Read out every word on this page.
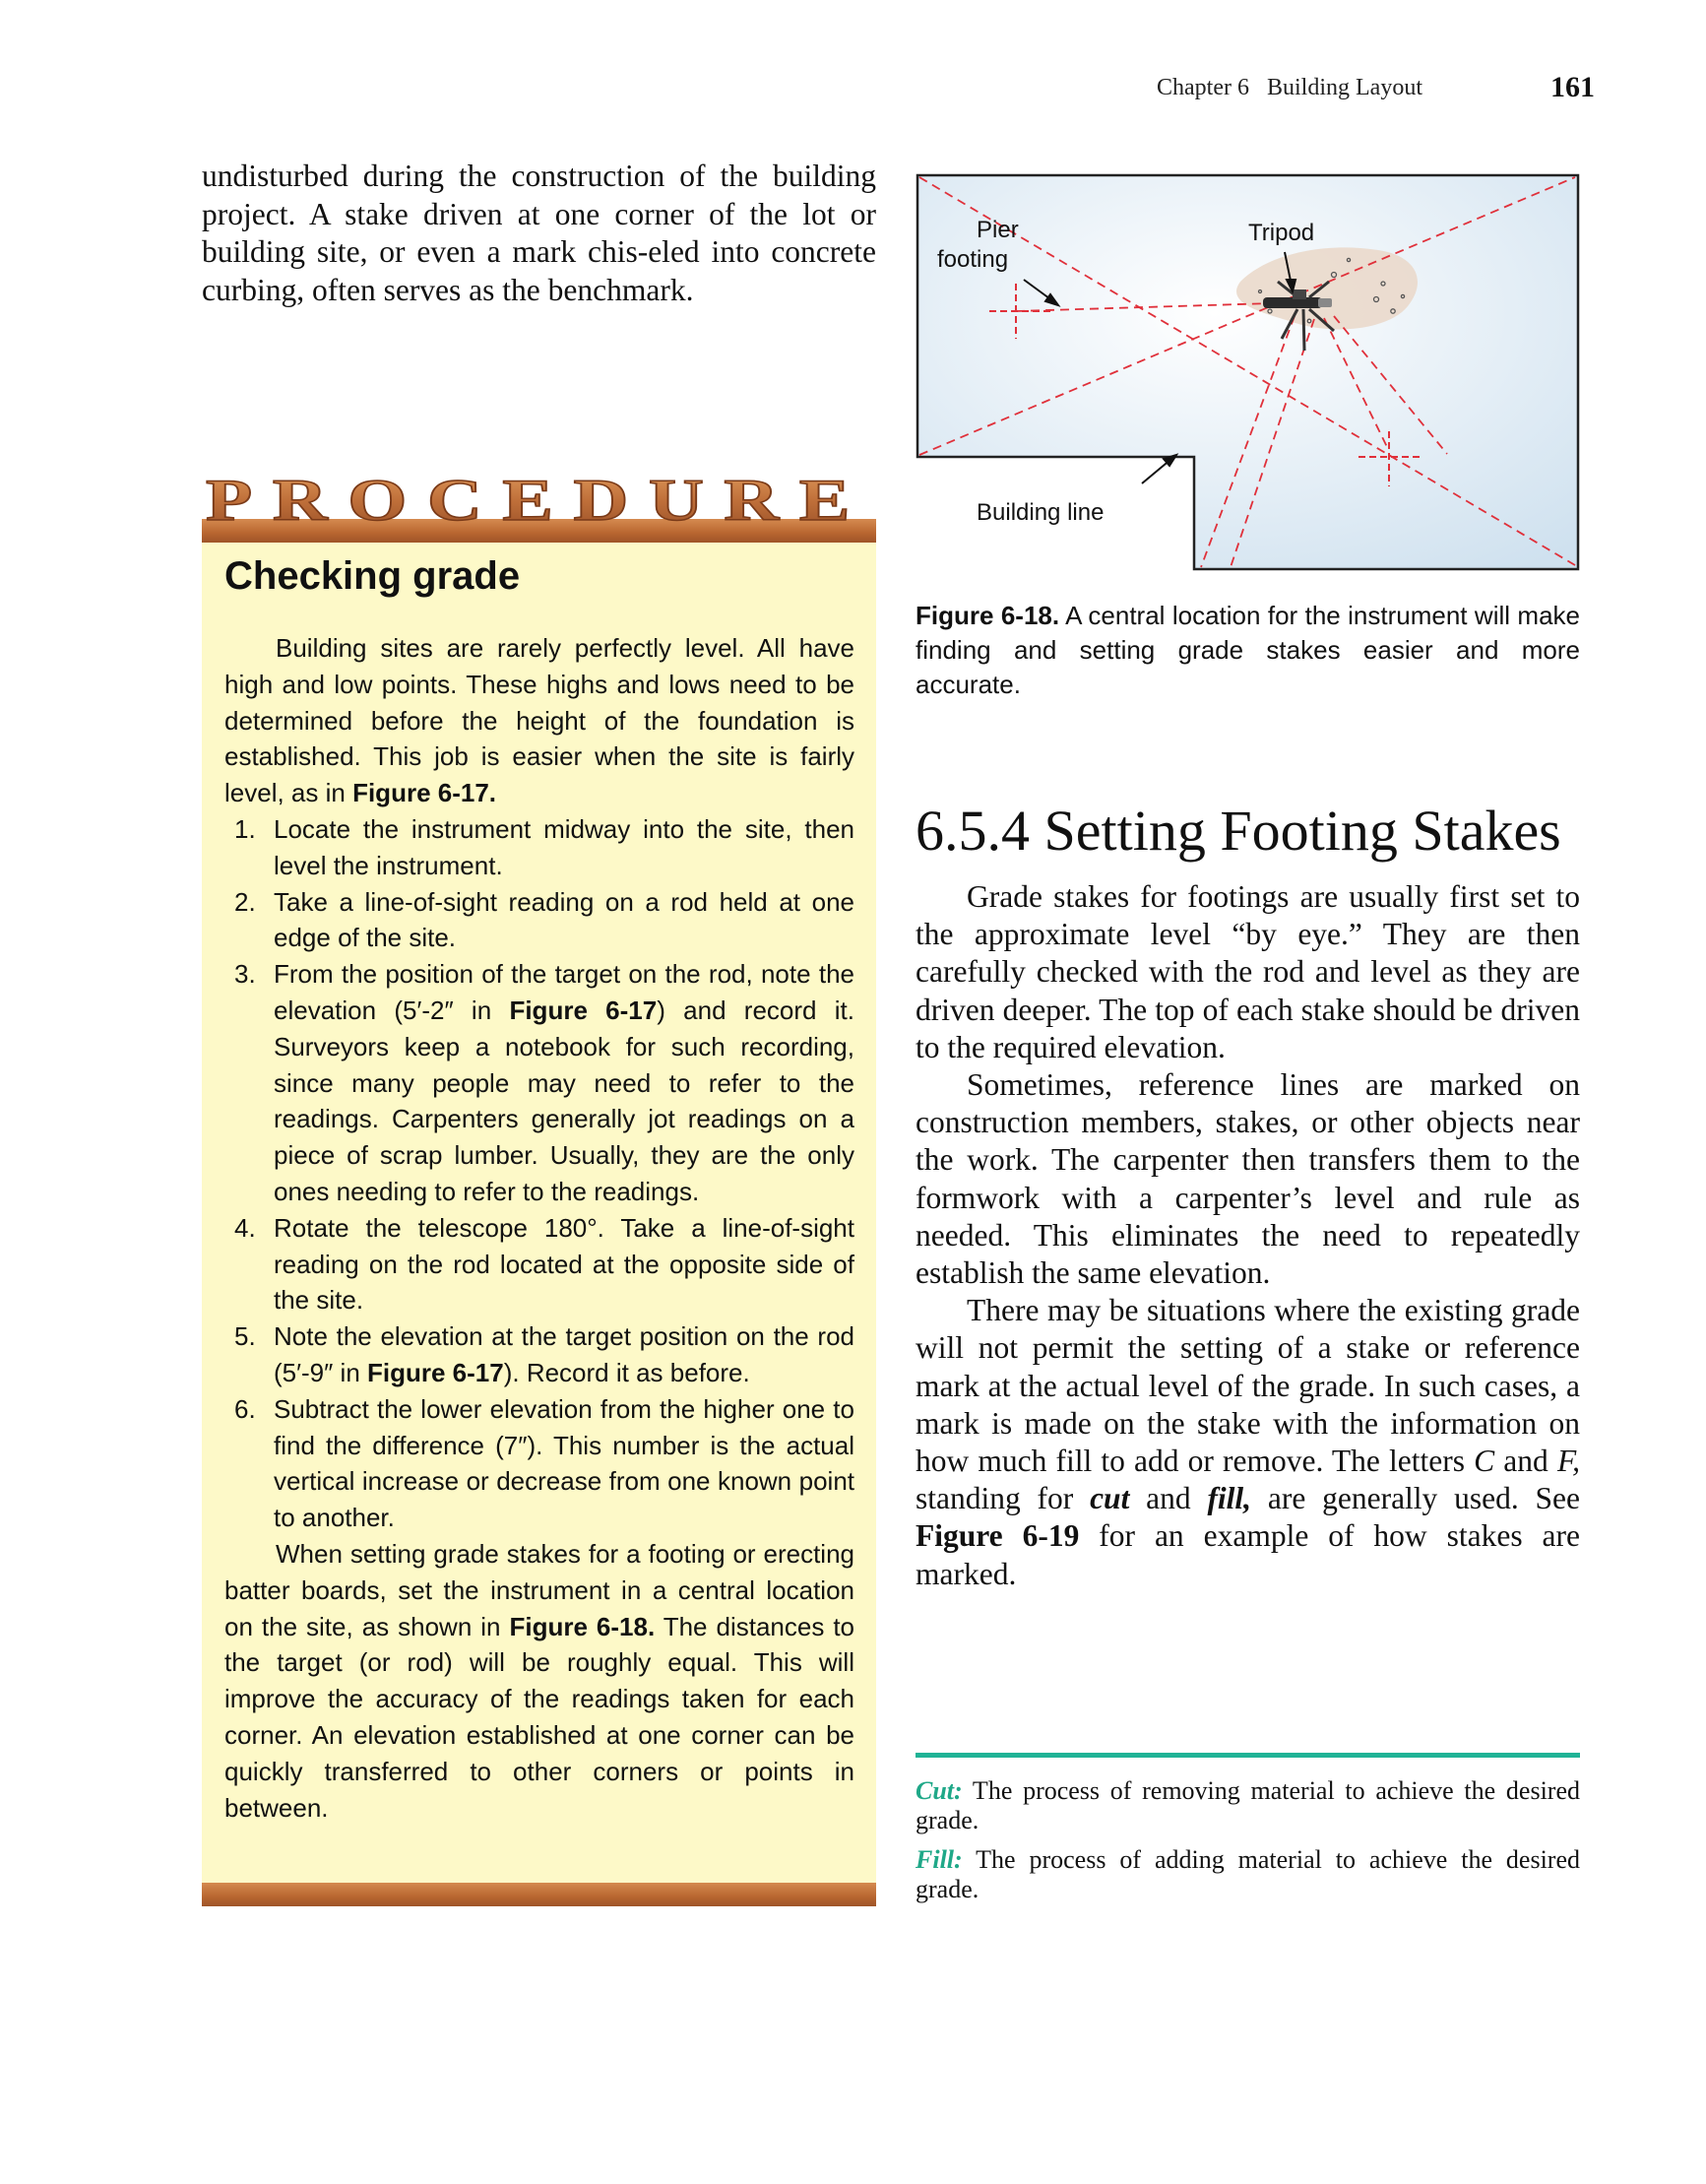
Chapter 6 Building Layout	161

undisturbed during the construction of the building project. A stake driven at one corner of the lot or building site, or even a mark chis-eled into concrete curbing, often serves as the benchmark.

PROCEDURE
Checking grade

Building sites are rarely perfectly level. All have high and low points. These highs and lows need to be determined before the height of the foundation is established. This job is easier when the site is fairly level, as in Figure 6-17.

1. Locate the instrument midway into the site, then level the instrument.
2. Take a line-of-sight reading on a rod held at one edge of the site.
3. From the position of the target on the rod, note the elevation (5′-2″ in Figure 6-17) and record it. Surveyors keep a notebook for such recording, since many people may need to refer to the readings. Carpenters generally jot readings on a piece of scrap lumber. Usually, they are the only ones needing to refer to the readings.
4. Rotate the telescope 180°. Take a line-of-sight reading on the rod located at the opposite side of the site.
5. Note the elevation at the target position on the rod (5′-9″ in Figure 6-17). Record it as before.
6. Subtract the lower elevation from the higher one to find the difference (7″). This number is the actual vertical increase or decrease from one known point to another.

When setting grade stakes for a footing or erecting batter boards, set the instrument in a central location on the site, as shown in Figure 6-18. The distances to the target (or rod) will be roughly equal. This will improve the accuracy of the readings taken for each corner. An elevation established at one corner can be quickly transferred to other corners or points in between.

Pier
footing
Tripod
Building line

Figure 6-18. A central location for the instrument will make finding and setting grade stakes easier and more accurate.

6.5.4 Setting Footing Stakes

Grade stakes for footings are usually first set to the approximate level “by eye.” They are then carefully checked with the rod and level as they are driven deeper. The top of each stake should be driven to the required elevation.

Sometimes, reference lines are marked on construction members, stakes, or other objects near the work. The carpenter then transfers them to the formwork with a carpenter’s level and rule as needed. This eliminates the need to repeatedly establish the same elevation.

There may be situations where the existing grade will not permit the setting of a stake or reference mark at the actual level of the grade. In such cases, a mark is made on the stake with the information on how much fill to add or remove. The letters C and F, standing for cut and fill, are generally used. See Figure 6-19 for an example of how stakes are marked.

Cut: The process of removing material to achieve the desired grade.

Fill: The process of adding material to achieve the desired grade.
